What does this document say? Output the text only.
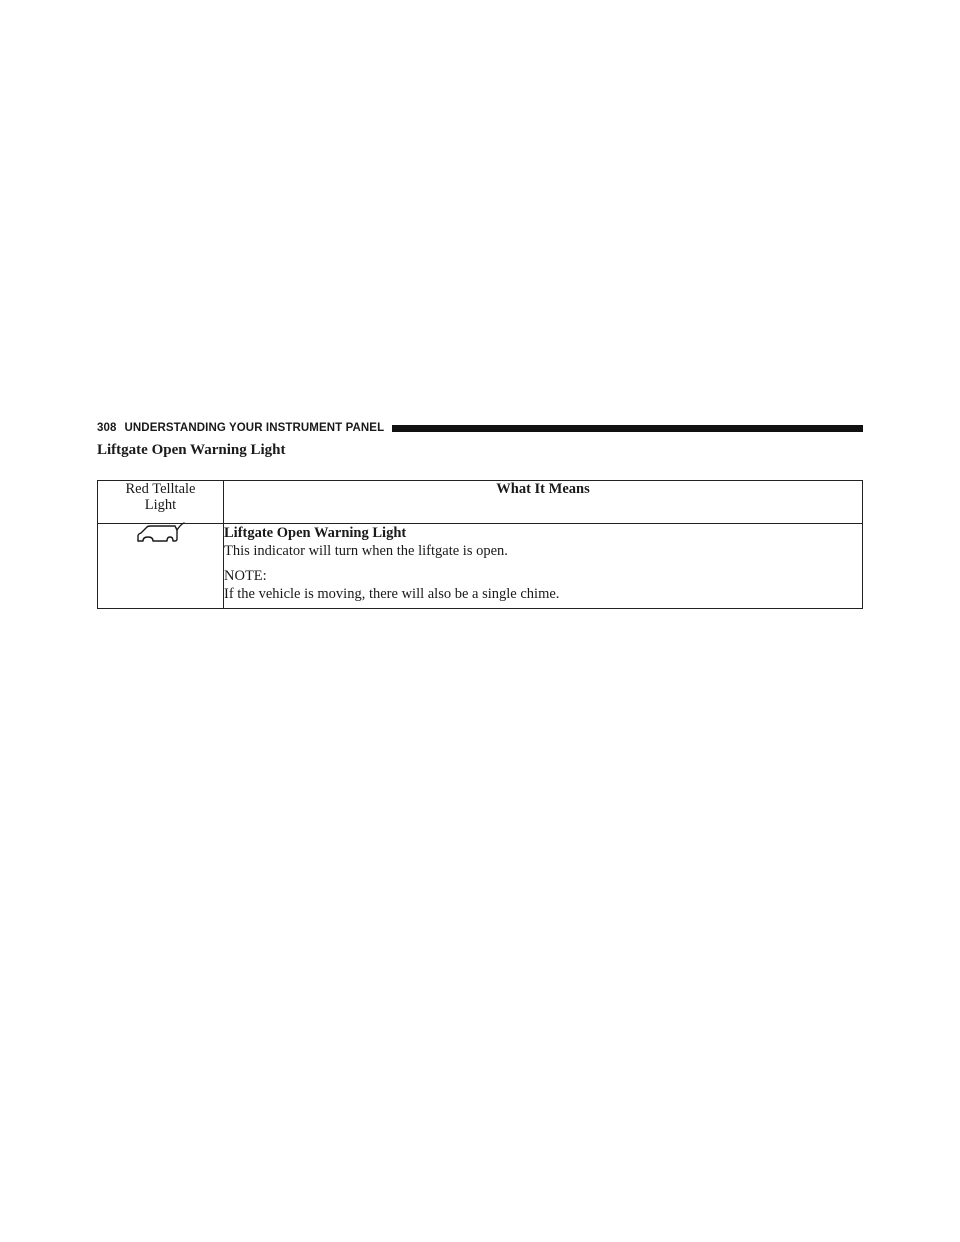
308 UNDERSTANDING YOUR INSTRUMENT PANEL
Liftgate Open Warning Light
Red Telltale
Light	What It Means

Liftgate Open Warning Light
This indicator will turn when the liftgate is open.
NOTE:
If the vehicle is moving, there will also be a single chime.
